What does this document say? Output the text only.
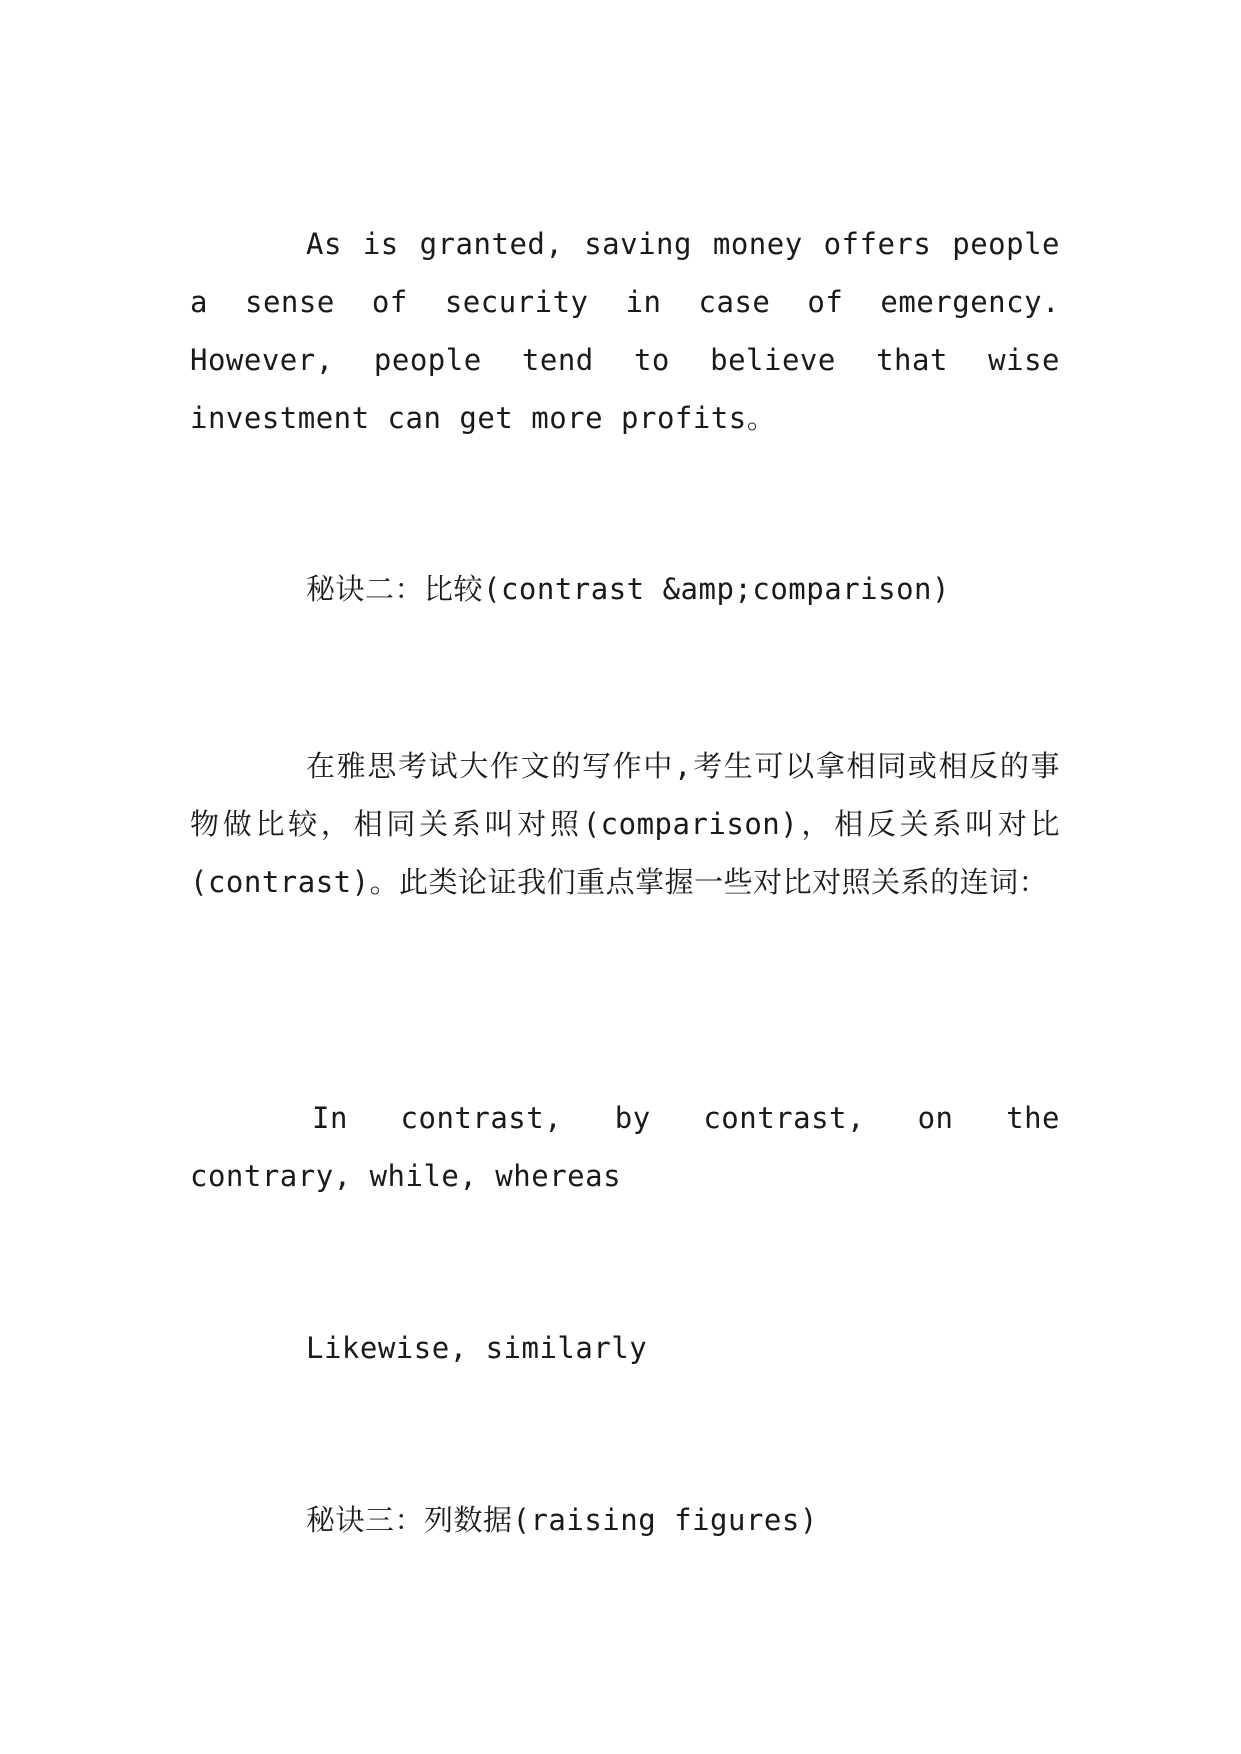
As is granted, saving money offers people a sense of security in case of emergency. However, people tend to believe that wise investment can get more profits。

秘诀二：比较(contrast &amp;comparison)

在雅思考试大作文的写作中,考生可以拿相同或相反的事物做比较，相同关系叫对照(comparison)，相反关系叫对比(contrast)。此类论证我们重点掌握一些对比对照关系的连词：

In contrast, by contrast, on the contrary, while, whereas

Likewise, similarly

秘诀三：列数据(raising figures)
